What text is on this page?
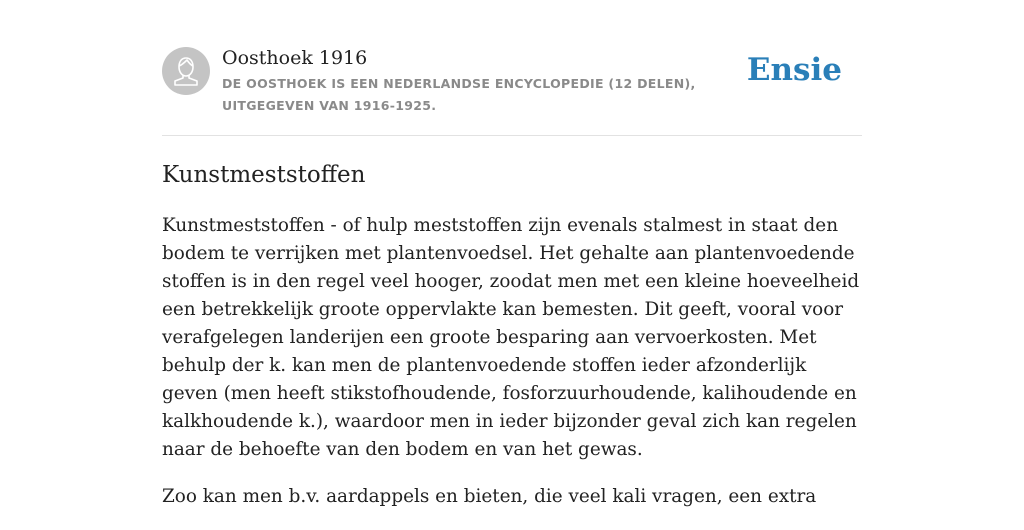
Oosthoek 1916

DE OOSTHOEK IS EEN NEDERLANDSE ENCYCLOPEDIE (12 DELEN), UITGEGEVEN VAN 1916-1925.

Ensie
Kunstmeststoffen

Kunstmeststoffen - of hulp meststoffen zijn evenals stalmest in staat den bodem te verrijken met plantenvoedsel. Het gehalte aan plantenvoedende stoffen is in den regel veel hooger, zoodat men met een kleine hoeveelheid een betrekkelijk groote oppervlakte kan bemesten. Dit geeft, vooral voor verafgelegen landerijen een groote besparing aan vervoerkosten. Met behulp der k. kan men de plantenvoedende stoffen ieder afzonderlijk geven (men heeft stikstofhoudende, fosforzuurhoudende, kalihoudende en kalkhoudende k.), waardoor men in ieder bijzonder geval zich kan regelen naar de behoefte van den bodem en van het gewas.

Zoo kan men b.v. aardappels en bieten, die veel kali vragen, een extra
